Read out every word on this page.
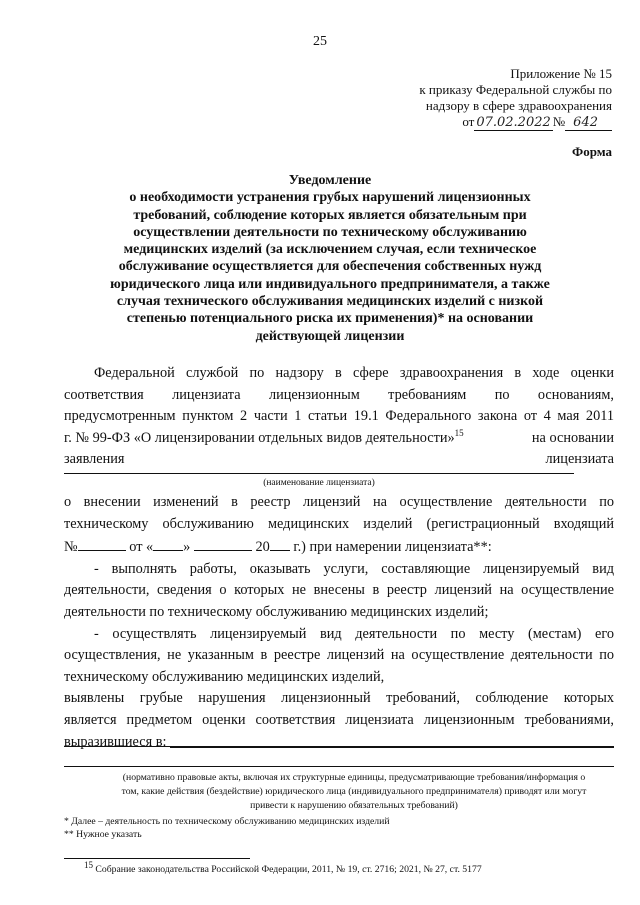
25
Приложение № 15
к приказу Федеральной службы по
надзору в сфере здравоохранения
от 07.02.2022 № 642
Форма
Уведомление
о необходимости устранения грубых нарушений лицензионных
требований, соблюдение которых является обязательным при
осуществлении деятельности по техническому обслуживанию
медицинских изделий (за исключением случая, если техническое
обслуживание осуществляется для обеспечения собственных нужд
юридического лица или индивидуального предпринимателя, а также
случая технического обслуживания медицинских изделий с низкой
степенью потенциального риска их применения)* на основании
действующей лицензии
Федеральной службой по надзору в сфере здравоохранения в ходе оценки
соответствия лицензиата лицензионным требованиям по основаниям,
предусмотренным пунктом 2 части 1 статьи 19.1 Федерального закона от 4 мая 2011
г. № 99-ФЗ «О лицензировании отдельных видов деятельности»$^{15}$	на основании
заявления	лицензиата
(наименование лицензиата)
о внесении изменений в реестр лицензий на осуществление деятельности по
техническому обслуживанию медицинских изделий (регистрационный входящий
№	от « »	20 г.) при намерении лицензиата**:
- выполнять работы, оказывать услуги, составляющие лицензируемый вид
деятельности, сведения о которых не внесены в реестр лицензий на осуществление
деятельности по техническому обслуживанию медицинских изделий;
- осуществлять лицензируемый вид деятельности по месту (местам) его
осуществления, не указанным в реестре лицензий на осуществление деятельности по
техническому обслуживанию медицинских изделий,
выявлены грубые нарушения лицензионный требований, соблюдение которых
является предметом оценки соответствия лицензиата лицензионным требованиями,
выразившиеся в:
(нормативно правовые акты, включая их структурные единицы, предусматривающие требования/информация о
том, какие действия (бездействие) юридического лица (индивидуального предпринимателя) приводят или могут
привести к нарушению обязательных требований)
* Далее – деятельность по техническому обслуживанию медицинских изделий
** Нужное указать
15 Собрание законодательства Российской Федерации, 2011, № 19, ст. 2716; 2021, № 27, ст. 5177
